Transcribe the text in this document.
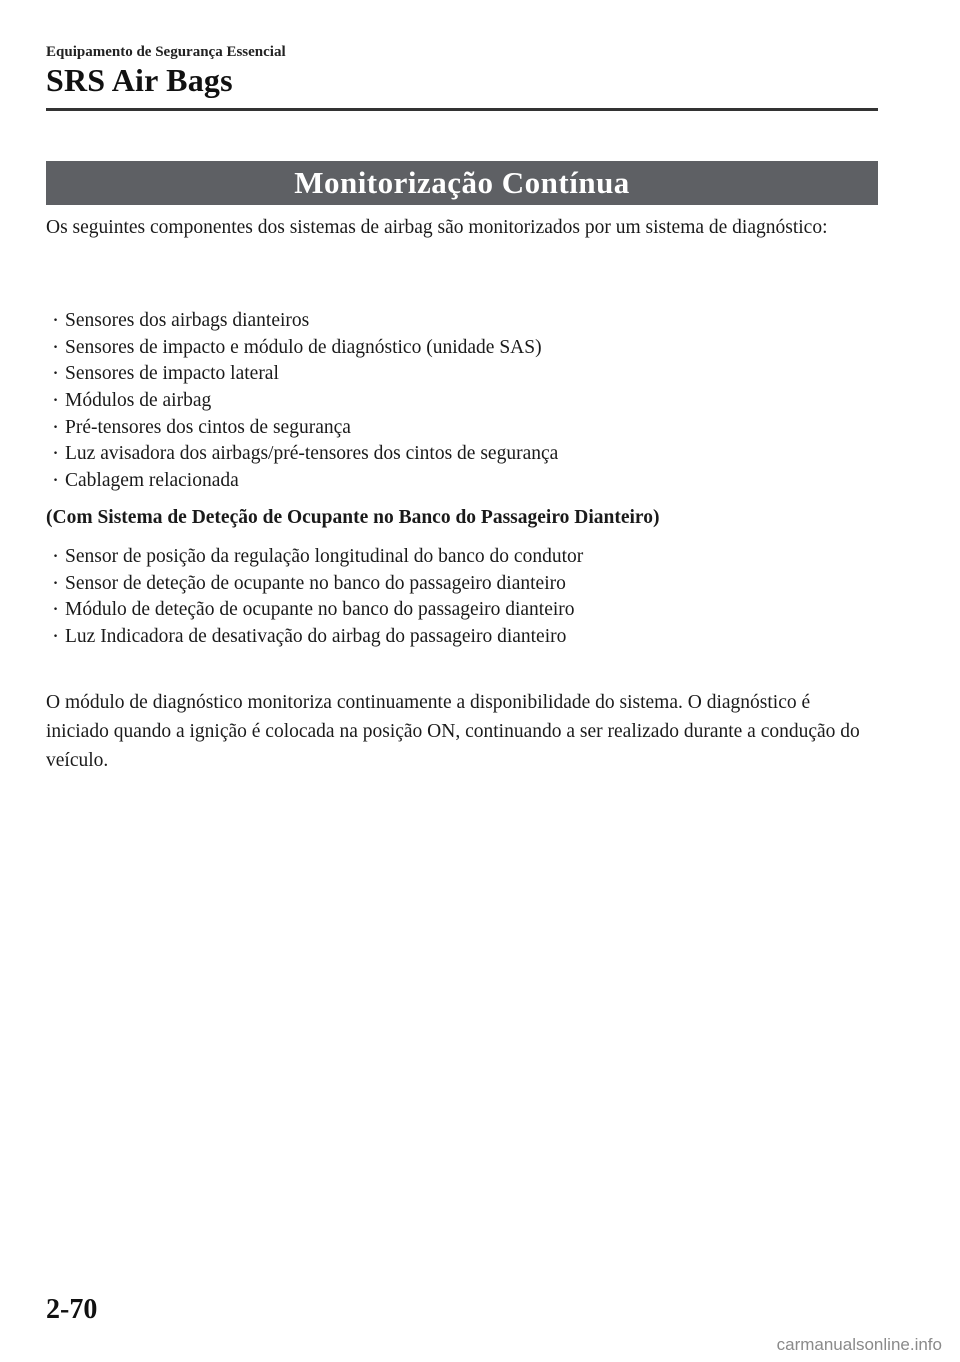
Equipamento de Segurança Essencial
SRS Air Bags
Monitorização Contínua

Os seguintes componentes dos sistemas de airbag são monitorizados por um sistema de diagnóstico:

· Sensores dos airbags dianteiros
· Sensores de impacto e módulo de diagnóstico (unidade SAS)
· Sensores de impacto lateral
· Módulos de airbag
· Pré-tensores dos cintos de segurança
· Luz avisadora dos airbags/pré-tensores dos cintos de segurança
· Cablagem relacionada

(Com Sistema de Deteção de Ocupante no Banco do Passageiro Dianteiro)

· Sensor de posição da regulação longitudinal do banco do condutor
· Sensor de deteção de ocupante no banco do passageiro dianteiro
· Módulo de deteção de ocupante no banco do passageiro dianteiro
· Luz Indicadora de desativação do airbag do passageiro dianteiro

O módulo de diagnóstico monitoriza continuamente a disponibilidade do sistema. O diagnóstico é iniciado quando a ignição é colocada na posição ON, continuando a ser realizado durante a condução do veículo.

2-70
carmanualsonline.info
